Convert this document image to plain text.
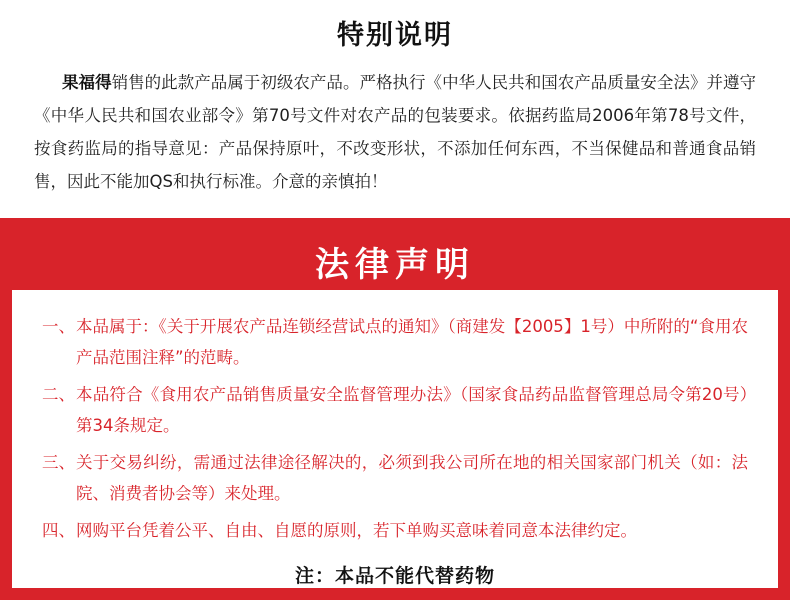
特别说明
果福得销售的此款产品属于初级农产品。严格执行《中华人民共和国农产品质量安全法》并遵守《中华人民共和国农业部令》第70号文件对农产品的包装要求。依据药监局2006年第78号文件，按食药监局的指导意见：产品保持原叶，不改变形状，不添加任何东西，不当保健品和普通食品销售，因此不能加QS和执行标准。介意的亲慎拍！
法律声明
一、 本品属于：《关于开展农产品连锁经营试点的通知》（商建发【2005】1号）中所附的“食用农产品范围注释”的范畴。
二、 本品符合《食用农产品销售质量安全监督管理办法》（国家食品药品监督管理总局令第20号）第34条规定。
三、 关于交易纠纷，需通过法律途径解决的，必须到我公司所在地的相关国家部门机关（如：法院、消费者协会等）来处理。
四、 网购平台凭着公平、自由、自愿的原则，若下单购买意味着同意本法律约定。
注：本品不能代替药物
